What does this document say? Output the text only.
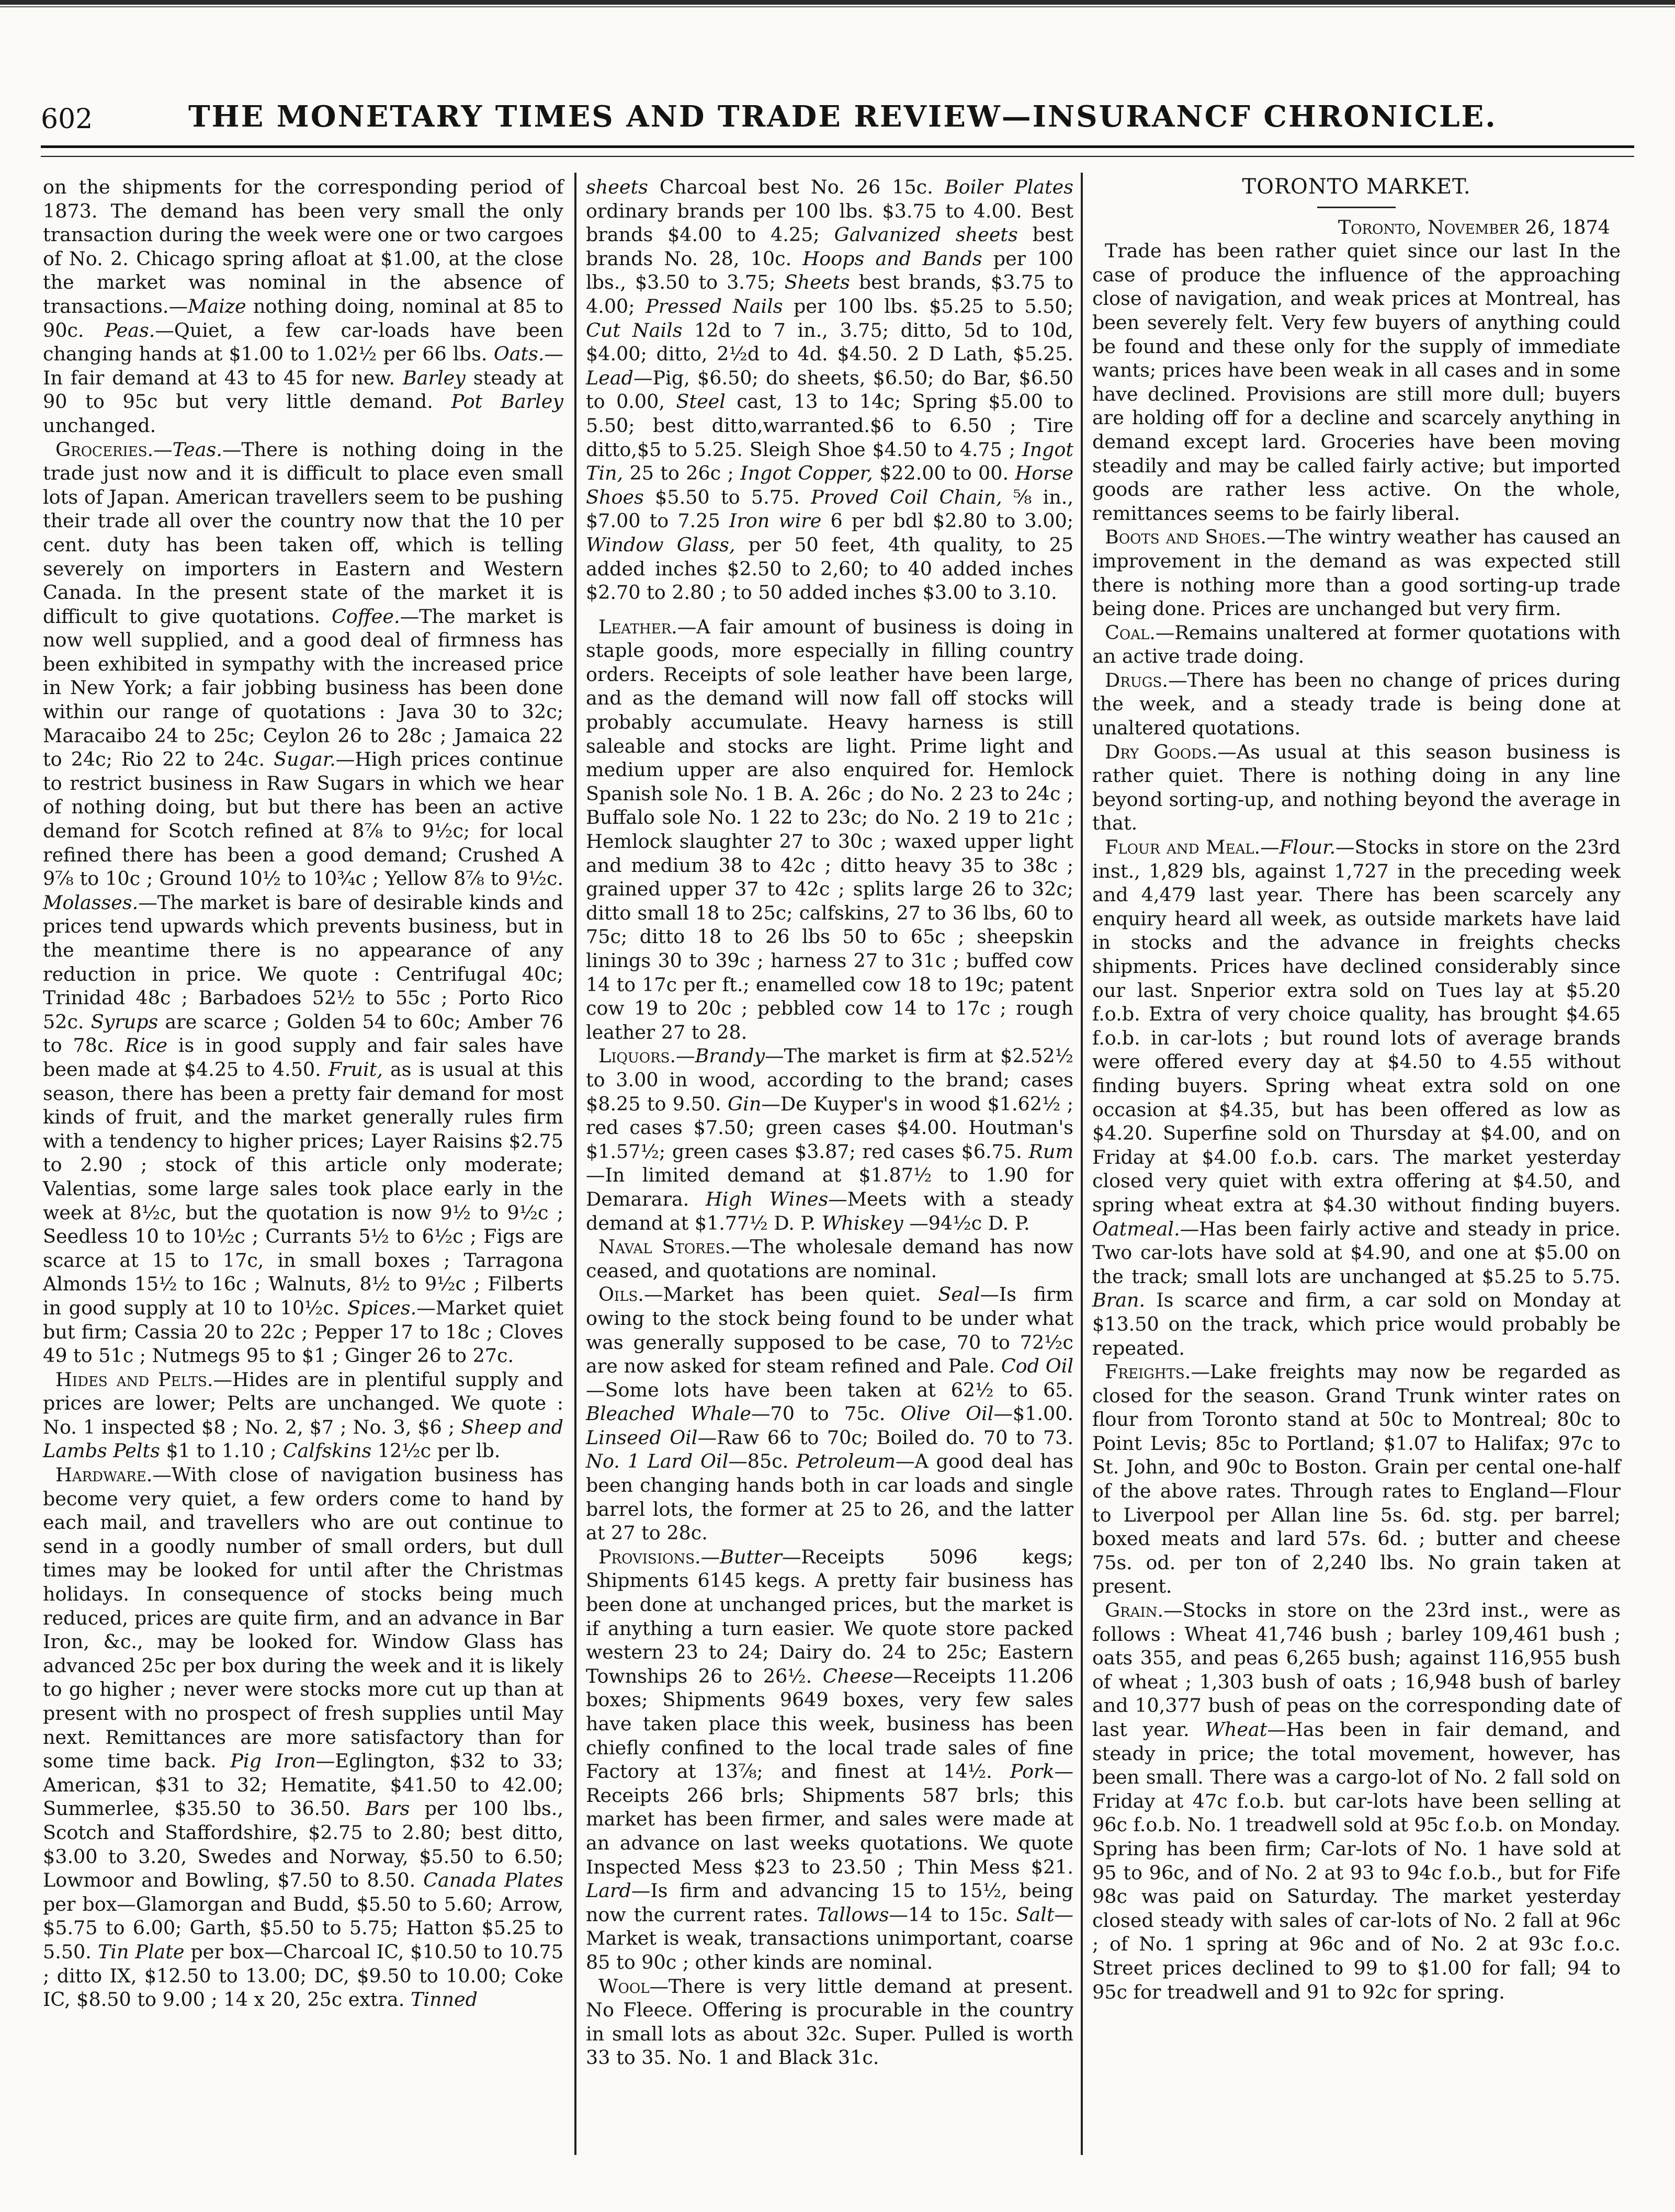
602	THE MONETARY TIMES AND TRADE REVIEW—INSURANCF CHRONICLE.

on the shipments for the corresponding period of 1873. The demand has been very small the only transaction during the week were one or two cargoes of No. 2. Chicago spring afloat at $1.00, at the close the market was nominal in the absence of transactions.—Maize nothing doing, nominal at 85 to 90c. Peas.—Quiet, a few car-loads have been changing hands at $1.00 to 1.02½ per 66 lbs. Oats.—In fair demand at 43 to 45 for new. Barley steady at 90 to 95c but very little demand. Pot Barley unchanged.

Groceries.—Teas.—There is nothing doing in the trade just now and it is difficult to place even small lots of Japan. American travellers seem to be pushing their trade all over the country now that the 10 per cent. duty has been taken off, which is telling severely on importers in Eastern and Western Canada. In the present state of the market it is difficult to give quotations. Coffee.—The market is now well supplied, and a good deal of firmness has been exhibited in sympathy with the increased price in New York; a fair jobbing business has been done within our range of quotations : Java 30 to 32c; Maracaibo 24 to 25c; Ceylon 26 to 28c ; Jamaica 22 to 24c; Rio 22 to 24c. Sugar.—High prices continue to restrict business in Raw Sugars in which we hear of nothing doing, but but there has been an active demand for Scotch refined at 8⅞ to 9½c; for local refined there has been a good demand; Crushed A 9⅞ to 10c ; Ground 10½ to 10¾c ; Yellow 8⅞ to 9½c. Molasses.—The market is bare of desirable kinds and prices tend upwards which prevents business, but in the meantime there is no appearance of any reduction in price. We quote : Centrifugal 40c; Trinidad 48c ; Barbadoes 52½ to 55c ; Porto Rico 52c. Syrups are scarce ; Golden 54 to 60c; Amber 76 to 78c. Rice is in good supply and fair sales have been made at $4.25 to 4.50. Fruit, as is usual at this season, there has been a pretty fair demand for most kinds of fruit, and the market generally rules firm with a tendency to higher prices; Layer Raisins $2.75 to 2.90 ; stock of this article only moderate; Valentias, some large sales took place early in the week at 8½c, but the quotation is now 9½ to 9½c ; Seedless 10 to 10½c ; Currants 5½ to 6½c ; Figs are scarce at 15 to 17c, in small boxes ; Tarragona Almonds 15½ to 16c ; Walnuts, 8½ to 9½c ; Filberts in good supply at 10 to 10½c. Spices.—Market quiet but firm; Cassia 20 to 22c ; Pepper 17 to 18c ; Cloves 49 to 51c ; Nutmegs 95 to $1 ; Ginger 26 to 27c.

Hides and Pelts.—Hides are in plentiful supply and prices are lower; Pelts are unchanged. We quote : No. 1 inspected $8 ; No. 2, $7 ; No. 3, $6 ; Sheep and Lambs Pelts $1 to 1.10 ; Calfskins 12½c per lb.

Hardware.—With close of navigation business has become very quiet, a few orders come to hand by each mail, and travellers who are out continue to send in a goodly number of small orders, but dull times may be looked for until after the Christmas holidays. In consequence of stocks being much reduced, prices are quite firm, and an advance in Bar Iron, &c., may be looked for. Window Glass has advanced 25c per box during the week and it is likely to go higher ; never were stocks more cut up than at present with no prospect of fresh supplies until May next. Remittances are more satisfactory than for some time back. Pig Iron—Eglington, $32 to 33; American, $31 to 32; Hematite, $41.50 to 42.00; Summerlee, $35.50 to 36.50. Bars per 100 lbs., Scotch and Staffordshire, $2.75 to 2.80; best ditto, $3.00 to 3.20, Swedes and Norway, $5.50 to 6.50; Lowmoor and Bowling, $7.50 to 8.50. Canada Plates per box—Glamorgan and Budd, $5.50 to 5.60; Arrow, $5.75 to 6.00; Garth, $5.50 to 5.75; Hatton $5.25 to 5.50. Tin Plate per box—Charcoal IC, $10.50 to 10.75 ; ditto IX, $12.50 to 13.00; DC, $9.50 to 10.00; Coke IC, $8.50 to 9.00 ; 14 x 20, 25c extra. Tinned

sheets Charcoal best No. 26 15c. Boiler Plates ordinary brands per 100 lbs. $3.75 to 4.00. Best brands $4.00 to 4.25; Galvanized sheets best brands No. 28, 10c. Hoops and Bands per 100 lbs., $3.50 to 3.75; Sheets best brands, $3.75 to 4.00; Pressed Nails per 100 lbs. $5.25 to 5.50; Cut Nails 12d to 7 in., 3.75; ditto, 5d to 10d, $4.00; ditto, 2½d to 4d. $4.50. 2 D Lath, $5.25. Lead—Pig, $6.50; do sheets, $6.50; do Bar, $6.50 to 0.00, Steel cast, 13 to 14c; Spring $5.00 to 5.50; best ditto,warranted.$6 to 6.50 ; Tire ditto,$5 to 5.25. Sleigh Shoe $4.50 to 4.75 ; Ingot Tin, 25 to 26c ; Ingot Copper, $22.00 to 00. Horse Shoes $5.50 to 5.75. Proved Coil Chain, ⅝ in., $7.00 to 7.25 Iron wire 6 per bdl $2.80 to 3.00; Window Glass, per 50 feet, 4th quality, to 25 added inches $2.50 to 2,60; to 40 added inches $2.70 to 2.80 ; to 50 added inches $3.00 to 3.10.

Leather.—A fair amount of business is doing in staple goods, more especially in filling country orders. Receipts of sole leather have been large, and as the demand will now fall off stocks will probably accumulate. Heavy harness is still saleable and stocks are light. Prime light and medium upper are also enquired for. Hemlock Spanish sole No. 1 B. A. 26c ; do No. 2 23 to 24c ; Buffalo sole No. 1 22 to 23c; do No. 2 19 to 21c ; Hemlock slaughter 27 to 30c ; waxed upper light and medium 38 to 42c ; ditto heavy 35 to 38c ; grained upper 37 to 42c ; splits large 26 to 32c; ditto small 18 to 25c; calfskins, 27 to 36 lbs, 60 to 75c; ditto 18 to 26 lbs 50 to 65c ; sheepskin linings 30 to 39c ; harness 27 to 31c ; buffed cow 14 to 17c per ft.; enamelled cow 18 to 19c; patent cow 19 to 20c ; pebbled cow 14 to 17c ; rough leather 27 to 28.

Liquors.—Brandy—The market is firm at $2.52½ to 3.00 in wood, according to the brand; cases $8.25 to 9.50. Gin—De Kuyper's in wood $1.62½ ; red cases $7.50; green cases $4.00. Houtman's $1.57½; green cases $3.87; red cases $6.75. Rum—In limited demand at $1.87½ to 1.90 for Demarara. High Wines—Meets with a steady demand at $1.77½ D. P. Whiskey —94½c D. P.

Naval Stores.—The wholesale demand has now ceased, and quotations are nominal.

Oils.—Market has been quiet. Seal—Is firm owing to the stock being found to be under what was generally supposed to be case, 70 to 72½c are now asked for steam refined and Pale. Cod Oil—Some lots have been taken at 62½ to 65. Bleached Whale—70 to 75c. Olive Oil—$1.00. Linseed Oil—Raw 66 to 70c; Boiled do. 70 to 73. No. 1 Lard Oil—85c. Petroleum—A good deal has been changing hands both in car loads and single barrel lots, the former at 25 to 26, and the latter at 27 to 28c.

Provisions.—Butter—Receipts 5096 kegs; Shipments 6145 kegs. A pretty fair business has been done at unchanged prices, but the market is if anything a turn easier. We quote store packed western 23 to 24; Dairy do. 24 to 25c; Eastern Townships 26 to 26½. Cheese—Receipts 11.206 boxes; Shipments 9649 boxes, very few sales have taken place this week, business has been chiefly confined to the local trade sales of fine Factory at 13⅞; and finest at 14½. Pork—Receipts 266 brls; Shipments 587 brls; this market has been firmer, and sales were made at an advance on last weeks quotations. We quote Inspected Mess $23 to 23.50 ; Thin Mess $21. Lard—Is firm and advancing 15 to 15½, being now the current rates. Tallows—14 to 15c. Salt—Market is weak, transactions unimportant, coarse 85 to 90c ; other kinds are nominal.

Wool—There is very little demand at present. No Fleece. Offering is procurable in the country in small lots as about 32c. Super. Pulled is worth 33 to 35. No. 1 and Black 31c.

TORONTO MARKET.

Toronto, November 26, 1874

Trade has been rather quiet since our last In the case of produce the influence of the approaching close of navigation, and weak prices at Montreal, has been severely felt. Very few buyers of anything could be found and these only for the supply of immediate wants; prices have been weak in all cases and in some have declined. Provisions are still more dull; buyers are holding off for a decline and scarcely anything in demand except lard. Groceries have been moving steadily and may be called fairly active; but imported goods are rather less active. On the whole, remittances seems to be fairly liberal.

Boots and Shoes.—The wintry weather has caused an improvement in the demand as was expected still there is nothing more than a good sorting-up trade being done. Prices are unchanged but very firm.

Coal.—Remains unaltered at former quotations with an active trade doing.

Drugs.—There has been no change of prices during the week, and a steady trade is being done at unaltered quotations.

Dry Goods.—As usual at this season business is rather quiet. There is nothing doing in any line beyond sorting-up, and nothing beyond the average in that.

Flour and Meal.—Flour.—Stocks in store on the 23rd inst., 1,829 bls, against 1,727 in the preceding week and 4,479 last year. There has been scarcely any enquiry heard all week, as outside markets have laid in stocks and the advance in freights checks shipments. Prices have declined considerably since our last. Snperior extra sold on Tues lay at $5.20 f.o.b. Extra of very choice quality, has brought $4.65 f.o.b. in car-lots ; but round lots of average brands were offered every day at $4.50 to 4.55 without finding buyers. Spring wheat extra sold on one occasion at $4.35, but has been offered as low as $4.20. Superfine sold on Thursday at $4.00, and on Friday at $4.00 f.o.b. cars. The market yesterday closed very quiet with extra offering at $4.50, and spring wheat extra at $4.30 without finding buyers. Oatmeal.—Has been fairly active and steady in price. Two car-lots have sold at $4.90, and one at $5.00 on the track; small lots are unchanged at $5.25 to 5.75. Bran. Is scarce and firm, a car sold on Monday at $13.50 on the track, which price would probably be repeated.

Freights.—Lake freights may now be regarded as closed for the season. Grand Trunk winter rates on flour from Toronto stand at 50c to Montreal; 80c to Point Levis; 85c to Portland; $1.07 to Halifax; 97c to St. John, and 90c to Boston. Grain per cental one-half of the above rates. Through rates to England—Flour to Liverpool per Allan line 5s. 6d. stg. per barrel; boxed meats and lard 57s. 6d. ; butter and cheese 75s. od. per ton of 2,240 lbs. No grain taken at present.

Grain.—Stocks in store on the 23rd inst., were as follows : Wheat 41,746 bush ; barley 109,461 bush ; oats 355, and peas 6,265 bush; against 116,955 bush of wheat ; 1,303 bush of oats ; 16,948 bush of barley and 10,377 bush of peas on the corresponding date of last year. Wheat—Has been in fair demand, and steady in price; the total movement, however, has been small. There was a cargo-lot of No. 2 fall sold on Friday at 47c f.o.b. but car-lots have been selling at 96c f.o.b. No. 1 treadwell sold at 95c f.o.b. on Monday. Spring has been firm; Car-lots of No. 1 have sold at 95 to 96c, and of No. 2 at 93 to 94c f.o.b., but for Fife 98c was paid on Saturday. The market yesterday closed steady with sales of car-lots of No. 2 fall at 96c ; of No. 1 spring at 96c and of No. 2 at 93c f.o.c. Street prices declined to 99 to $1.00 for fall; 94 to 95c for treadwell and 91 to 92c for spring.
